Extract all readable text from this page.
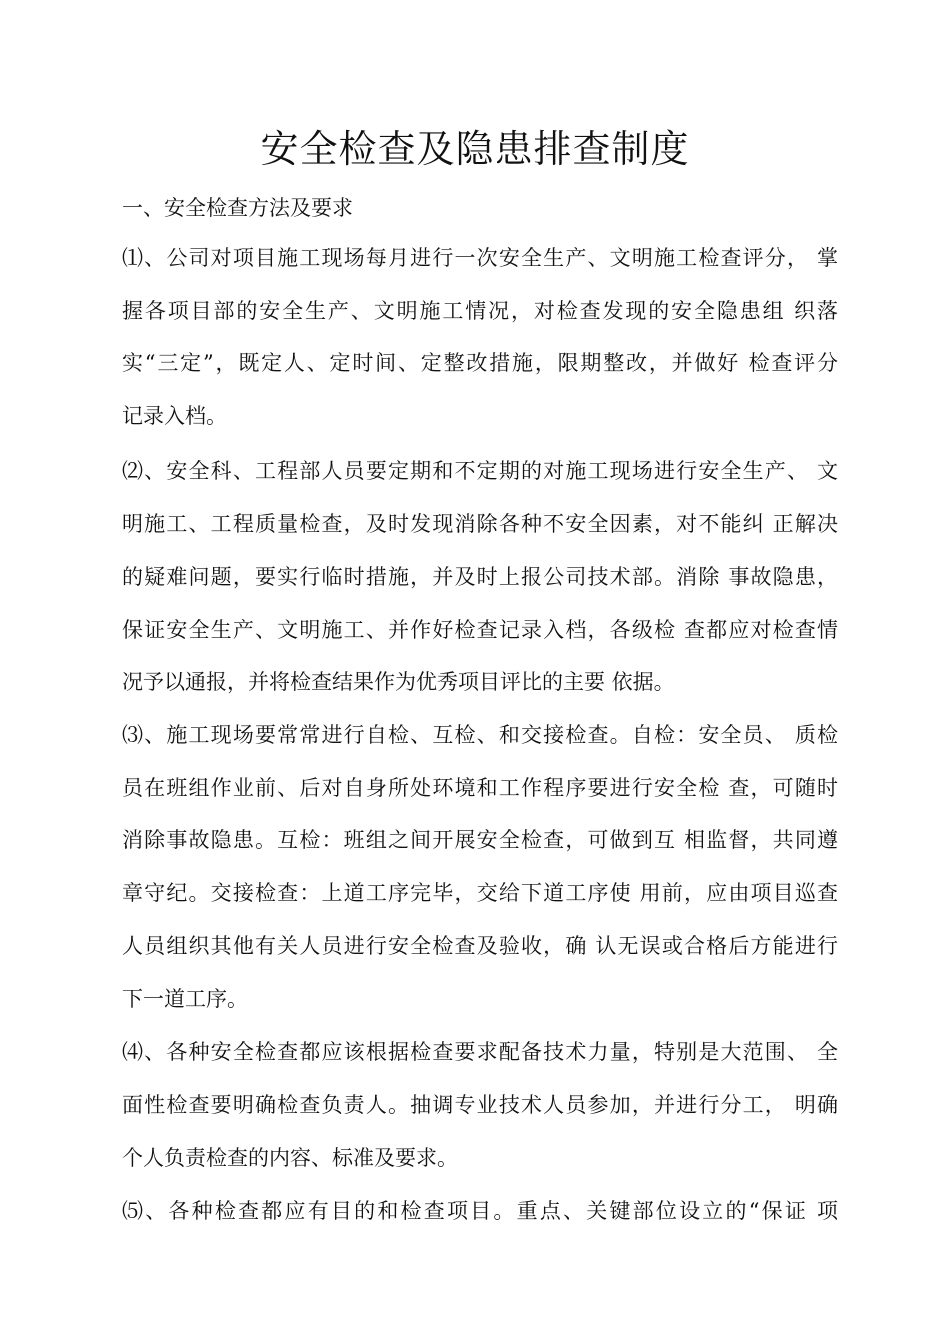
安全检查及隐患排查制度
一、安全检查方法及要求
⑴、公司对项目施工现场每月进行一次安全生产、文明施工检查评分， 掌
握各项目部的安全生产、文明施工情况，对检查发现的安全隐患组 织落
实“三定”，既定人、定时间、定整改措施，限期整改，并做好 检查评分
记录入档。
⑵、安全科、工程部人员要定期和不定期的对施工现场进行安全生产、 文
明施工、工程质量检查，及时发现消除各种不安全因素，对不能纠 正解决
的疑难问题，要实行临时措施，并及时上报公司技术部。消除 事故隐患，
保证安全生产、文明施工、并作好检查记录入档，各级检 查都应对检查情
况予以通报，并将检查结果作为优秀项目评比的主要 依据。
⑶、施工现场要常常进行自检、互检、和交接检查。自检：安全员、 质检
员在班组作业前、后对自身所处环境和工作程序要进行安全检 查，可随时
消除事故隐患。互检：班组之间开展安全检查，可做到互 相监督，共同遵
章守纪。交接检查：上道工序完毕，交给下道工序使 用前，应由项目巡查
人员组织其他有关人员进行安全检查及验收，确 认无误或合格后方能进行
下一道工序。
⑷、各种安全检查都应该根据检查要求配备技术力量，特别是大范围、 全
面性检查要明确检查负责人。抽调专业技术人员参加，并进行分工， 明确
个人负责检查的内容、标准及要求。
⑸、各种检查都应有目的和检查项目。重点、关键部位设立的“保证 项
